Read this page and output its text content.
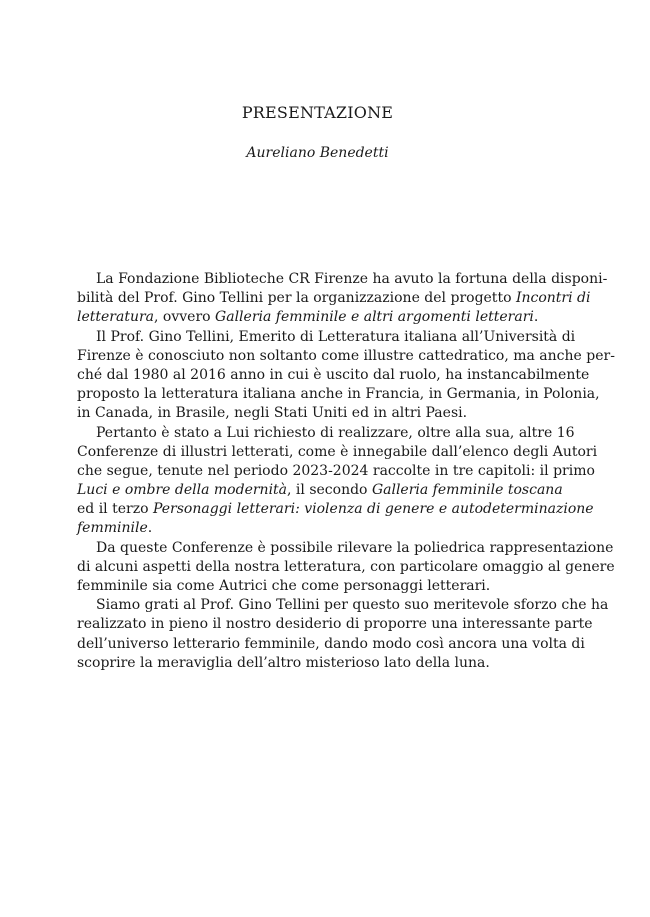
PRESENTAZIONE
Aureliano Benedetti
La Fondazione Biblioteche CR Firenze ha avuto la fortuna della disponi-
bilità del Prof. Gino Tellini per la organizzazione del progetto Incontri di
letteratura, ovvero Galleria femminile e altri argomenti letterari.
Il Prof. Gino Tellini, Emerito di Letteratura italiana all’Università di
Firenze è conosciuto non soltanto come illustre cattedratico, ma anche per-
ché dal 1980 al 2016 anno in cui è uscito dal ruolo, ha instancabilmente
proposto la letteratura italiana anche in Francia, in Germania, in Polonia,
in Canada, in Brasile, negli Stati Uniti ed in altri Paesi.
Pertanto è stato a Lui richiesto di realizzare, oltre alla sua, altre 16
Conferenze di illustri letterati, come è innegabile dall’elenco degli Autori
che segue, tenute nel periodo 2023-2024 raccolte in tre capitoli: il primo
Luci e ombre della modernità, il secondo Galleria femminile toscana
ed il terzo Personaggi letterari: violenza di genere e autodeterminazione
femminile.
Da queste Conferenze è possibile rilevare la poliedrica rappresentazione
di alcuni aspetti della nostra letteratura, con particolare omaggio al genere
femminile sia come Autrici che come personaggi letterari.
Siamo grati al Prof. Gino Tellini per questo suo meritevole sforzo che ha
realizzato in pieno il nostro desiderio di proporre una interessante parte
dell’universo letterario femminile, dando modo così ancora una volta di
scoprire la meraviglia dell’altro misterioso lato della luna.
